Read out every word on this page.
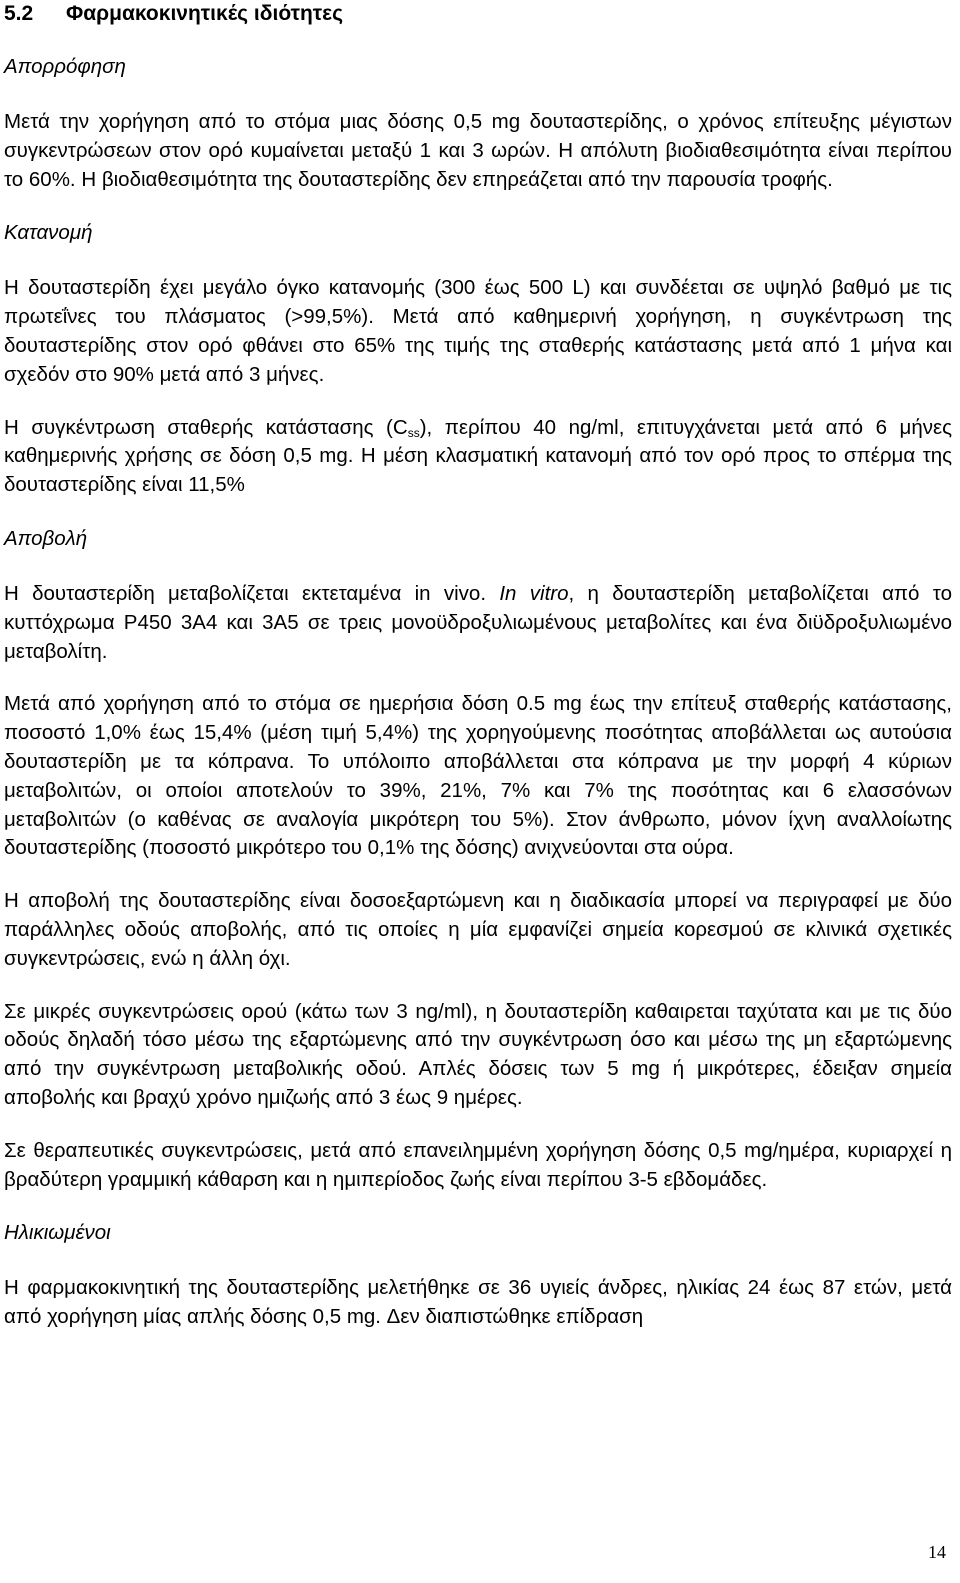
5.2 Φαρμακοκινητικές ιδιότητες
Απορρόφηση

Μετά την χορήγηση από το στόμα μιας δόσης 0,5 mg δουταστερίδης, ο χρόνος επίτευξης μέγιστων συγκεντρώσεων στον ορό κυμαίνεται μεταξύ 1 και 3 ωρών. Η απόλυτη βιοδιαθεσιμότητα είναι περίπου το 60%. Η βιοδιαθεσιμότητα της δουταστερίδης δεν επηρεάζεται από την παρουσία τροφής.

Κατανομή

Η δουταστερίδη έχει μεγάλο όγκο κατανομής (300 έως 500 L) και συνδέεται σε υψηλό βαθμό με τις πρωτεΐνες του πλάσματος (>99,5%). Μετά από καθημερινή χορήγηση, η συγκέντρωση της δουταστερίδης στον ορό φθάνει στο 65% της τιμής της σταθερής κατάστασης μετά από 1 μήνα και σχεδόν στο 90% μετά από 3 μήνες.

Η συγκέντρωση σταθερής κατάστασης $(C_{ss})$, περίπου 40 ng/ml, επιτυγχάνεται μετά από 6 μήνες καθημερινής χρήσης σε δόση 0,5 mg. Η μέση κλασματική κατανομή από τον ορό προς το σπέρμα της δουταστερίδης είναι 11,5%

Αποβολή

Η δουταστερίδη μεταβολίζεται εκτεταμένα in vivo. In vitro, η δουταστερίδη μεταβολίζεται από το κυττόχρωμα P450 3A4 και 3A5 σε τρεις μονοϋδροξυλιωμένους μεταβολίτες και ένα διϋδροξυλιωμένο μεταβολίτη.

Μετά από χορήγηση από το στόμα σε ημερήσια δόση 0.5 mg έως την επίτευξ σταθερής κατάστασης, ποσοστό 1,0% έως 15,4% (μέση τιμή 5,4%) της χορηγούμενης ποσότητας αποβάλλεται ως αυτούσια δουταστερίδη με τα κόπρανα. Το υπόλοιπο αποβάλλεται στα κόπρανα με την μορφή 4 κύριων μεταβολιτών, οι οποίοι αποτελούν το 39%, 21%, 7% και 7% της ποσότητας και 6 ελασσόνων μεταβολιτών (ο καθένας σε αναλογία μικρότερη του 5%). Στον άνθρωπο, μόνον ίχνη αναλλοίωτης δουταστερίδης (ποσοστό μικρότερο του 0,1% της δόσης) ανιχνεύονται στα ούρα.

Η αποβολή της δουταστερίδης είναι δοσοεξαρτώμενη και η διαδικασία μπορεί να περιγραφεί με δύο παράλληλες οδούς αποβολής, από τις οποίες η μία εμφανίζεi σημεία κορεσμού σε κλινικά σχετικές συγκεντρώσεις, ενώ η άλλη όχι.

Σε μικρές συγκεντρώσεις ορού (κάτω των 3 ng/ml), η δουταστερίδη καθαιρεται ταχύτατα και με τις δύο οδούς δηλαδή τόσο μέσω της εξαρτώμενης από την συγκέντρωση όσο και μέσω της μη εξαρτώμενης από την συγκέντρωση μεταβολικής οδού. Απλές δόσεις των 5 mg ή μικρότερες, έδειξαν σημεία αποβολής και βραχύ χρόνο ημιζωής από 3 έως 9 ημέρες.

Σε θεραπευτικές συγκεντρώσεις, μετά από επανειλημμένη χορήγηση δόσης 0,5 mg/ημέρα, κυριαρχεί η βραδύτερη γραμμική κάθαρση και η ημιπερίοδος ζωής είναι περίπου 3-5 εβδομάδες.

Ηλικιωμένοι

Η φαρμακοκινητική της δουταστερίδης μελετήθηκε σε 36 υγιείς άνδρες, ηλικίας 24 έως 87 ετών, μετά από χορήγηση μίας απλής δόσης 0,5 mg. Δεν διαπιστώθηκε επίδραση

14
